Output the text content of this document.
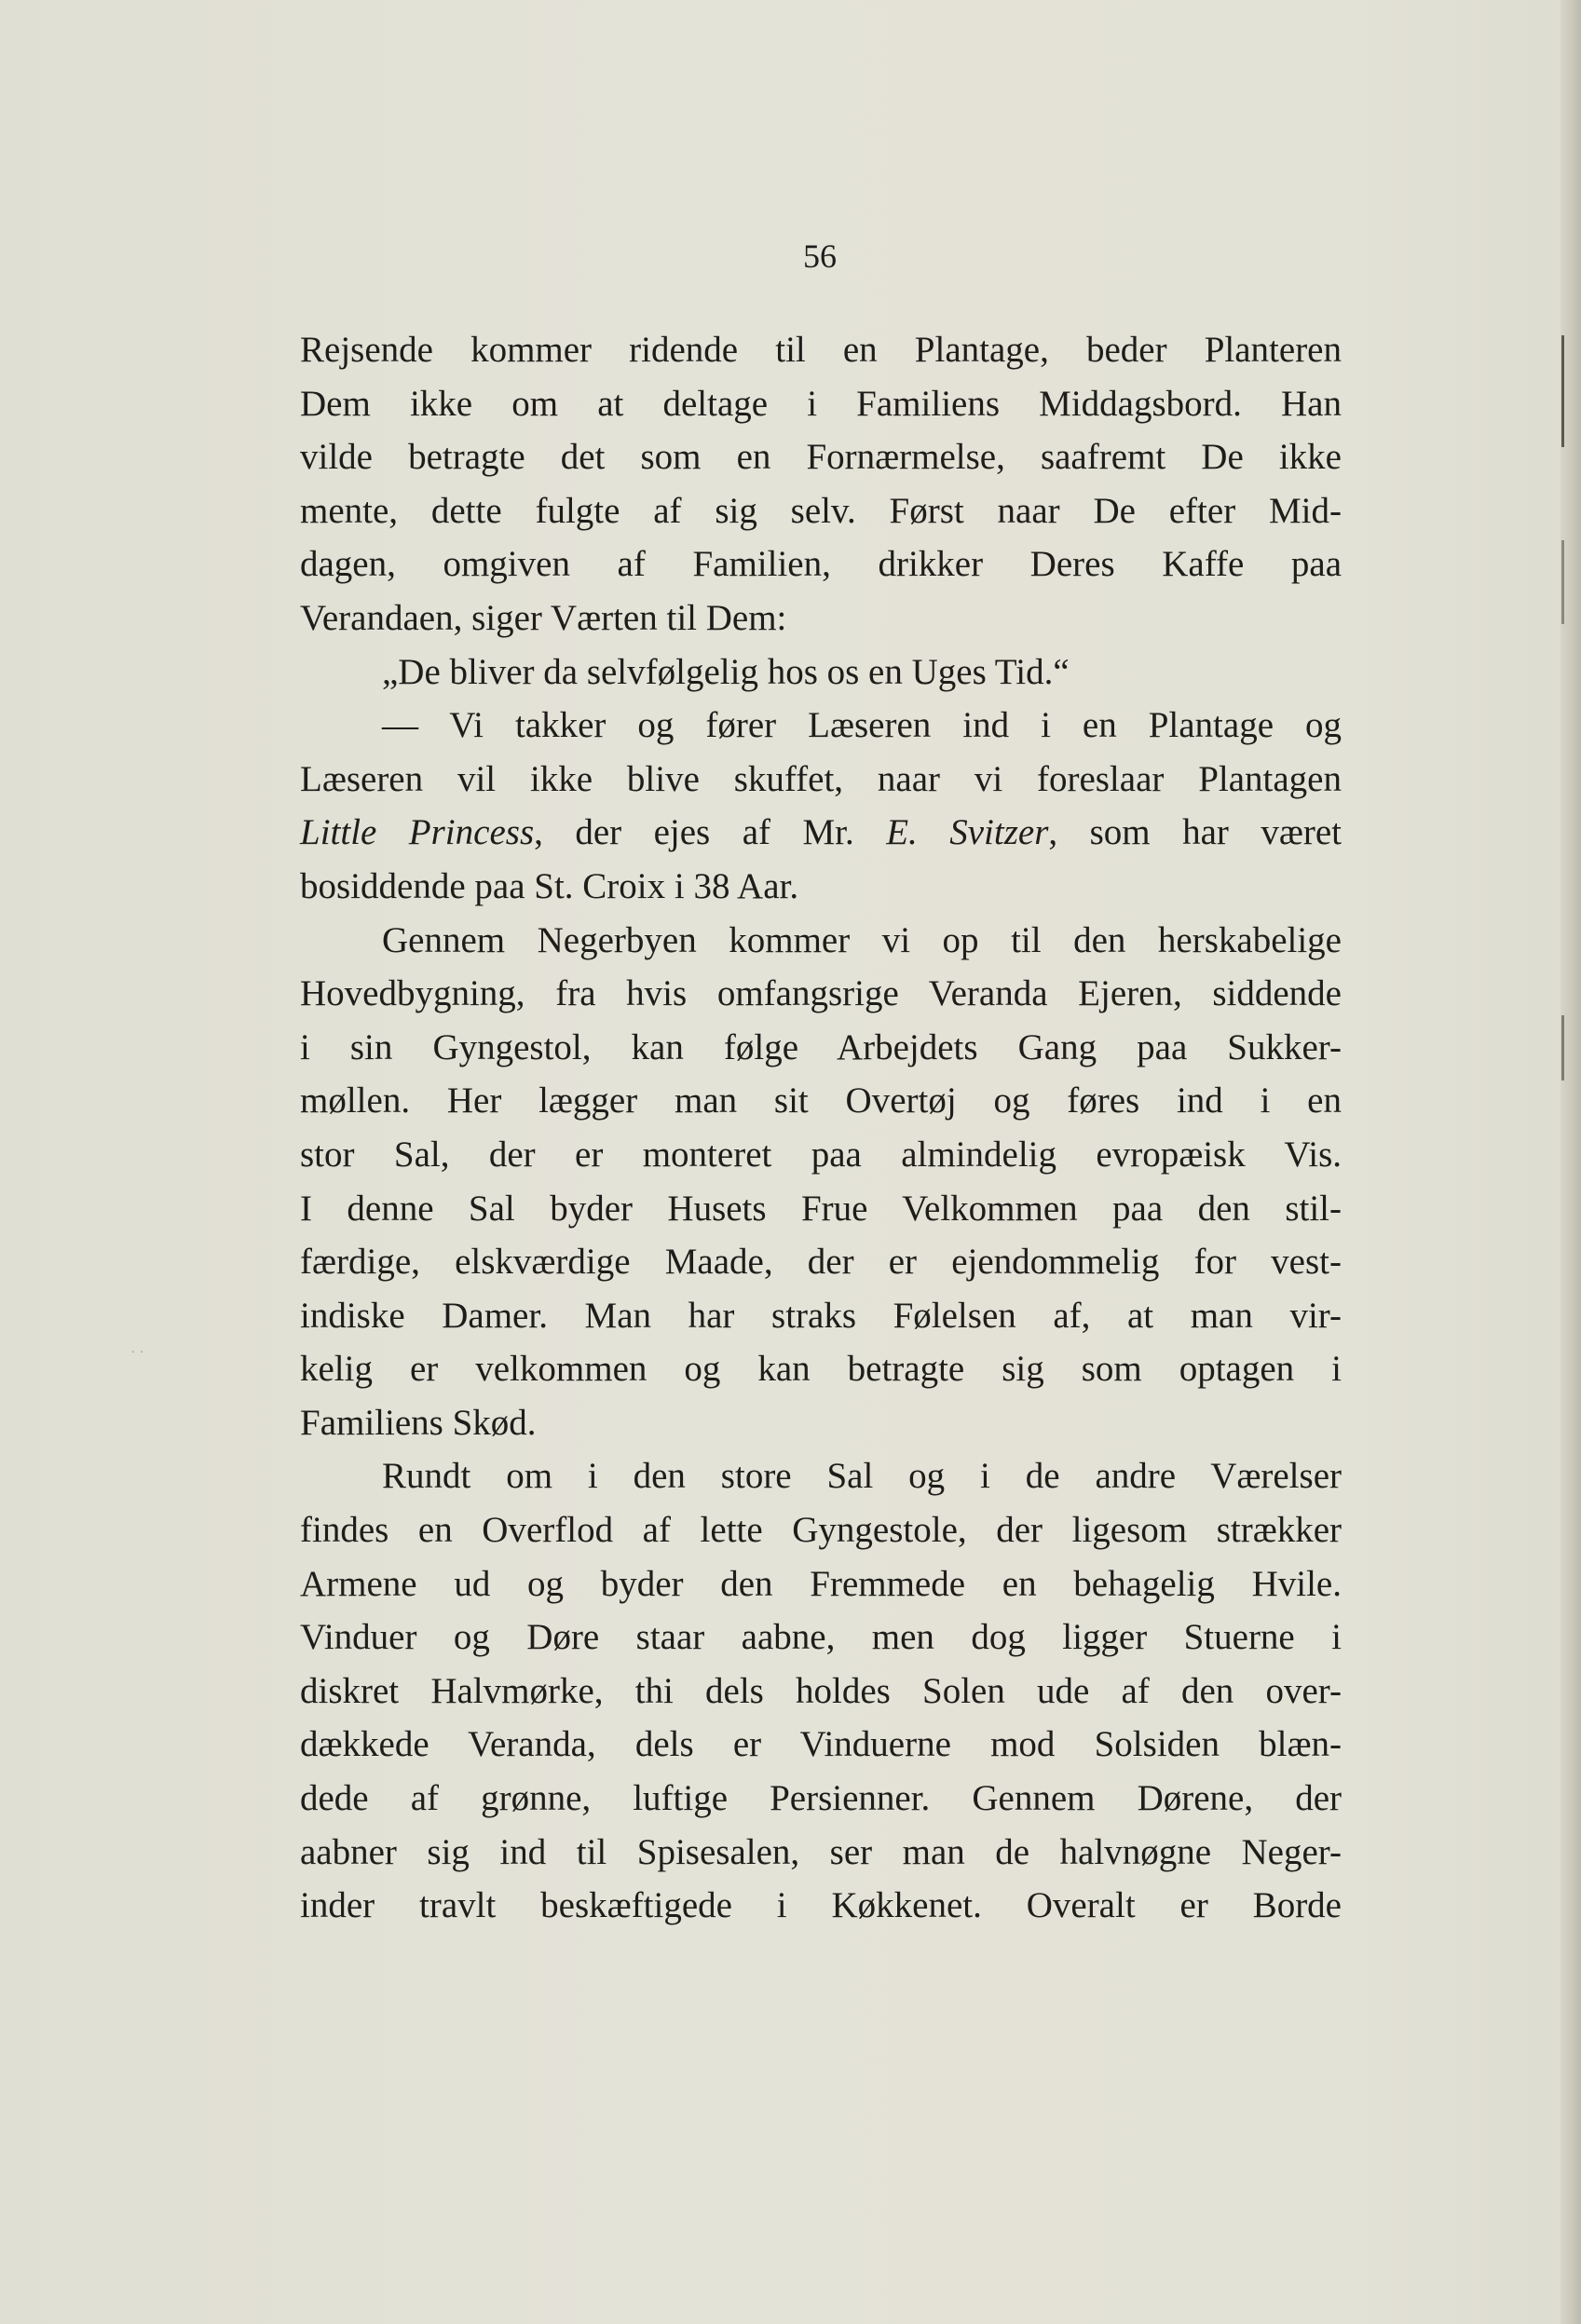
˙ ˙
56
Rejsende kommer ridende til en Plantage, beder Planteren
Dem ikke om at deltage i Familiens Middagsbord. Han
vilde betragte det som en Fornærmelse, saafremt De ikke
mente, dette fulgte af sig selv. Først naar De efter Mid-
dagen, omgiven af Familien, drikker Deres Kaffe paa
Verandaen, siger Værten til Dem:
„De bliver da selvfølgelig hos os en Uges Tid.“
— Vi takker og fører Læseren ind i en Plantage og
Læseren vil ikke blive skuffet, naar vi foreslaar Plantagen
Little Princess, der ejes af Mr. E. Svitzer, som har været
bosiddende paa St. Croix i 38 Aar.
Gennem Negerbyen kommer vi op til den herskabelige
Hovedbygning, fra hvis omfangsrige Veranda Ejeren, siddende
i sin Gyngestol, kan følge Arbejdets Gang paa Sukker-
møllen. Her lægger man sit Overtøj og føres ind i en
stor Sal, der er monteret paa almindelig evropæisk Vis.
I denne Sal byder Husets Frue Velkommen paa den stil-
færdige, elskværdige Maade, der er ejendommelig for vest-
indiske Damer. Man har straks Følelsen af, at man vir-
kelig er velkommen og kan betragte sig som optagen i
Familiens Skød.
Rundt om i den store Sal og i de andre Værelser
findes en Overflod af lette Gyngestole, der ligesom strækker
Armene ud og byder den Fremmede en behagelig Hvile.
Vinduer og Døre staar aabne, men dog ligger Stuerne i
diskret Halvmørke, thi dels holdes Solen ude af den over-
dækkede Veranda, dels er Vinduerne mod Solsiden blæn-
dede af grønne, luftige Persienner. Gennem Dørene, der
aabner sig ind til Spisesalen, ser man de halvnøgne Neger-
inder travlt beskæftigede i Køkkenet. Overalt er Borde
